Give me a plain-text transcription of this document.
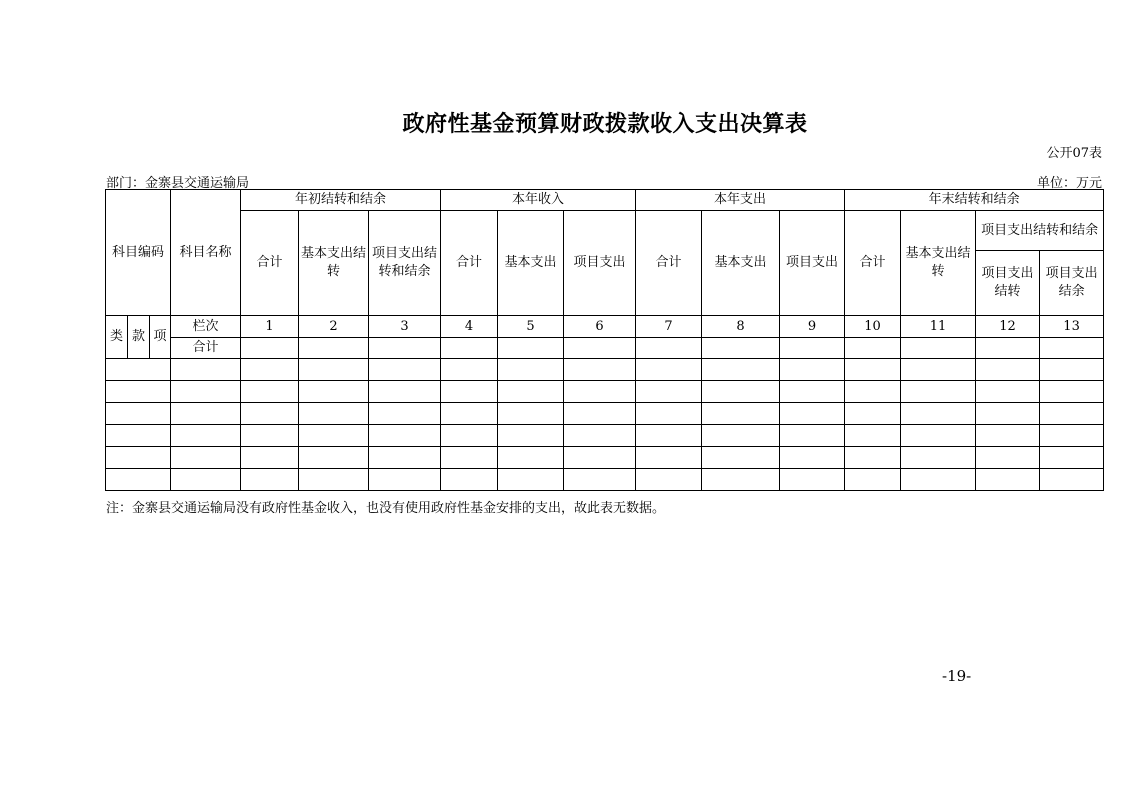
政府性基金预算财政拨款收入支出决算表
公开07表
部门：金寨县交通运输局	单位：万元
科目编码			科目名称	年初结转和结余			本年收入			本年支出			年末结转和结余			
				合计	基本支出结转	项目支出结转和结余	合计	基本支出	项目支出	合计	基本支出	项目支出	合计	基本支出结转	项目支出结转和结余	
															项目支出结转	项目支出结余
类	款	项	栏次	1	2	3	4	5	6	7	8	9	10	11	12	13
			合计													

注：金寨县交通运输局没有政府性基金收入，也没有使用政府性基金安排的支出，故此表无数据。
-19-
